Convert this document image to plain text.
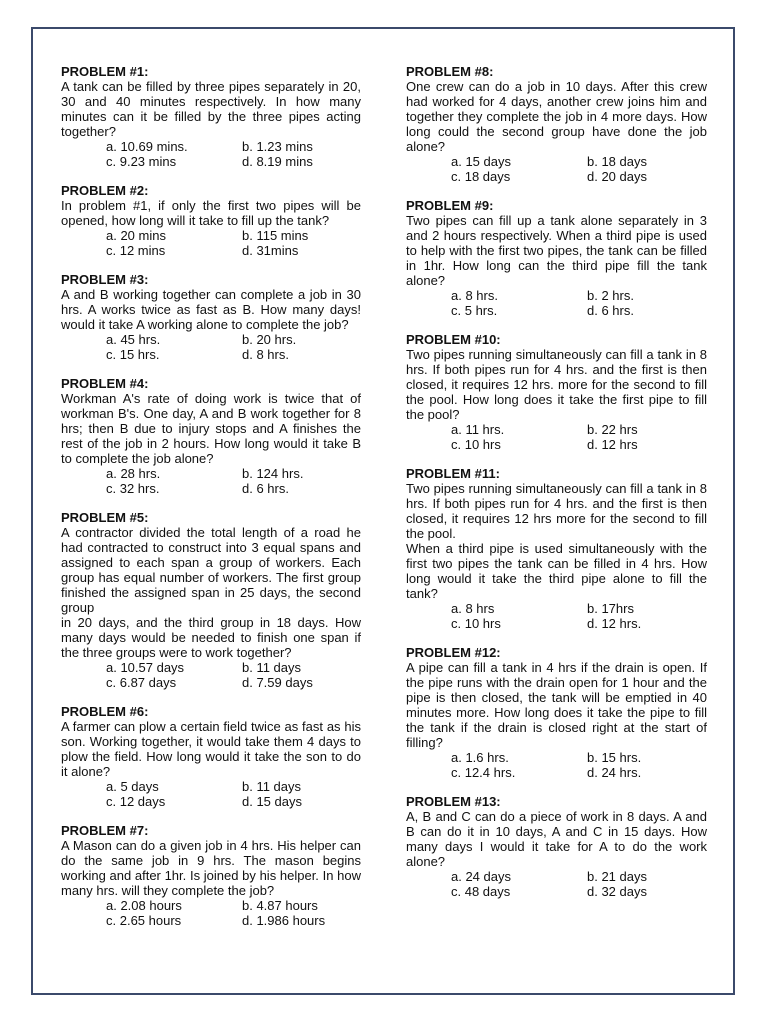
PROBLEM #1:
A tank can be filled by three pipes separately in 20, 30 and 40 minutes respectively. In how many minutes can it be filled by the three pipes acting together?
a. 10.69 mins.	b. 1.23 mins
c. 9.23 mins	d. 8.19 mins
PROBLEM #2:
In problem #1, if only the first two pipes will be opened, how long will it take to fill up the tank?
a. 20 mins	b. 115 mins
c. 12 mins	d. 31mins
PROBLEM #3:
A and B working together can complete a job in 30 hrs. A works twice as fast as B. How many days! would it take A working alone to complete the job?
a. 45 hrs.	b. 20 hrs.
c. 15 hrs.	d. 8 hrs.
PROBLEM #4:
Workman A's rate of doing work is twice that of workman B's. One day, A and B work together for 8 hrs; then B due to injury stops and A finishes the rest of the job in 2 hours. How long would it take B to complete the job alone?
a. 28 hrs.	b. 124 hrs.
c. 32 hrs.	d. 6 hrs.
PROBLEM #5:
A contractor divided the total length of a road he had contracted to construct into 3 equal spans and assigned to each span a group of workers. Each group has equal number of workers. The first group finished the assigned span in 25 days, the second group
in 20 days, and the third group in 18 days. How many days would be needed to finish one span if the three groups were to work together?
a. 10.57 days	b. 11 days
c. 6.87 days	d. 7.59 days
PROBLEM #6:
A farmer can plow a certain field twice as fast as his son. Working together, it would take them 4 days to plow the field. How long would it take the son to do it alone?
a. 5 days	b. 11 days
c. 12 days	d. 15 days
PROBLEM #7:
A Mason can do a given job in 4 hrs. His helper can do the same job in 9 hrs. The mason begins working and after 1hr. Is joined by his helper. In how many hrs. will they complete the job?
a. 2.08 hours	b. 4.87 hours
c. 2.65 hours	d. 1.986 hours
PROBLEM #8:
One crew can do a job in 10 days. After this crew had worked for 4 days, another crew joins him and together they complete the job in 4 more days. How long could the second group have done the job alone?
a. 15 days	b. 18 days
c. 18 days	d. 20 days
PROBLEM #9:
Two pipes can fill up a tank alone separately in 3 and 2 hours respectively. When a third pipe is used to help with the first two pipes, the tank can be filled in 1hr. How long can the third pipe fill the tank alone?
a. 8 hrs.	b. 2 hrs.
c. 5 hrs.	d. 6 hrs.
PROBLEM #10:
Two pipes running simultaneously can fill a tank in 8 hrs. If both pipes run for 4 hrs. and the first is then closed, it requires 12 hrs. more for the second to fill the pool. How long does it take the first pipe to fill the pool?
a. 11 hrs.	b. 22 hrs
c. 10 hrs	d. 12 hrs
PROBLEM #11:
Two pipes running simultaneously can fill a tank in 8 hrs. If both pipes run for 4 hrs. and the first is then closed, it requires 12 hrs more for the second to fill the pool.
When a third pipe is used simultaneously with the first two pipes the tank can be filled in 4 hrs. How long would it take the third pipe alone to fill the tank?
a. 8 hrs	b. 17hrs
c. 10 hrs	d. 12 hrs.
PROBLEM #12:
A pipe can fill a tank in 4 hrs if the drain is open. If the pipe runs with the drain open for 1 hour and the pipe is then closed, the tank will be emptied in 40 minutes more. How long does it take the pipe to fill the tank if the drain is closed right at the start of filling?
a. 1.6 hrs.	b. 15 hrs.
c. 12.4 hrs.	d. 24 hrs.
PROBLEM #13:
A, B and C can do a piece of work in 8 days. A and B can do it in 10 days, A and C in 15 days. How many days I would it take for A to do the work alone?
a. 24 days	b. 21 days
c. 48 days	d. 32 days
